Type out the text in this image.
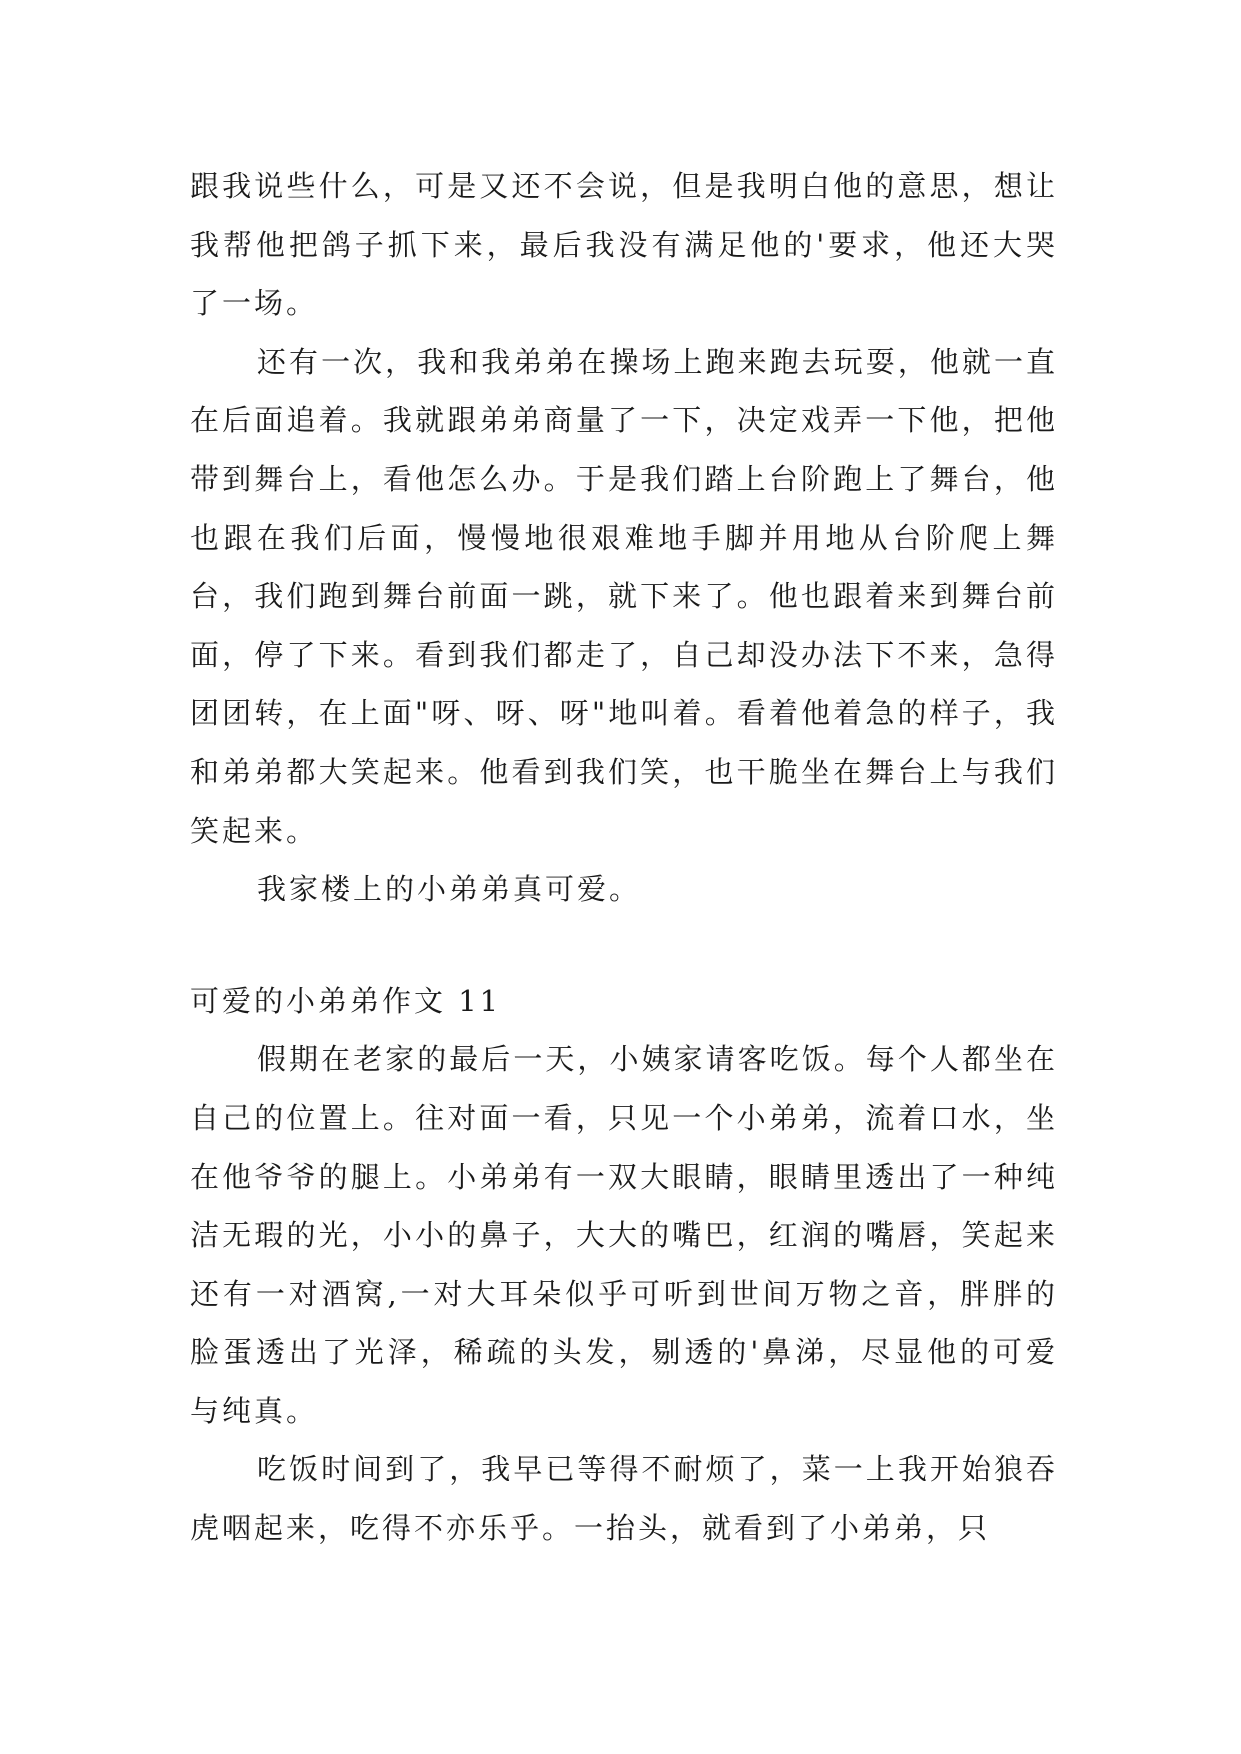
跟我说些什么，可是又还不会说，但是我明白他的意思，想让我帮他把鸽子抓下来，最后我没有满足他的'要求，他还大哭了一场。

还有一次，我和我弟弟在操场上跑来跑去玩耍，他就一直在后面追着。我就跟弟弟商量了一下，决定戏弄一下他，把他带到舞台上，看他怎么办。于是我们踏上台阶跑上了舞台，他也跟在我们后面，慢慢地很艰难地手脚并用地从台阶爬上舞台，我们跑到舞台前面一跳，就下来了。他也跟着来到舞台前面，停了下来。看到我们都走了，自己却没办法下不来，急得团团转，在上面"呀、呀、呀"地叫着。看着他着急的样子，我和弟弟都大笑起来。他看到我们笑，也干脆坐在舞台上与我们笑起来。

我家楼上的小弟弟真可爱。

可爱的小弟弟作文 11

假期在老家的最后一天，小姨家请客吃饭。每个人都坐在自己的位置上。往对面一看，只见一个小弟弟，流着口水，坐在他爷爷的腿上。小弟弟有一双大眼睛，眼睛里透出了一种纯洁无瑕的光，小小的鼻子，大大的嘴巴，红润的嘴唇，笑起来还有一对酒窝,一对大耳朵似乎可听到世间万物之音，胖胖的脸蛋透出了光泽，稀疏的头发，剔透的'鼻涕，尽显他的可爱与纯真。

吃饭时间到了，我早已等得不耐烦了，菜一上我开始狼吞虎咽起来，吃得不亦乐乎。一抬头，就看到了小弟弟，只
